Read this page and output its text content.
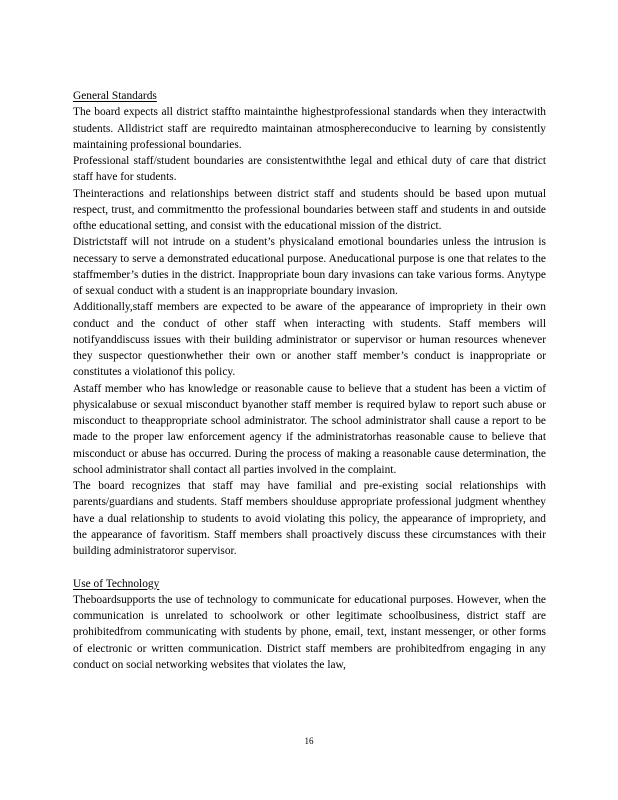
General Standards

The board expects all district staffto maintainthe highestprofessional standards when they interactwith students. Alldistrict staff are requiredto maintainan atmosphereconducive to learning by consistently maintaining professional boundaries.

Professional staff/student boundaries are consistentwiththe legal and ethical duty of care that district staff have for students.

Theinteractions and relationships between district staff and students should be based upon mutual respect, trust, and commitmentto the professional boundaries between staff and students in and outside ofthe educational setting, and consist with the educational mission of the district.

Districtstaff will not intrude on a student’s physicaland emotional boundaries unless the intrusion is necessary to serve a demonstrated educational purpose. Aneducational purpose is one that relates to the staffmember’s duties in the district. Inappropriate boun dary invasions can take various forms. Anytype of sexual conduct with a student is an inappropriate boundary invasion.

Additionally,staff members are expected to be aware of the appearance of impropriety in their own conduct and the conduct of other staff when interacting with students. Staff members will notifyanddiscuss issues with their building administrator or supervisor or human resources whenever they suspector questionwhether their own or another staff member’s conduct is inappropriate or constitutes a violationof this policy.

Astaff member who has knowledge or reasonable cause to believe that a student has been a victim of physicalabuse or sexual misconduct byanother staff member is required bylaw to report such abuse or misconduct to theappropriate school administrator. The school administrator shall cause a report to be made to the proper law enforcement agency if the administratorhas reasonable cause to believe that misconduct or abuse has occurred. During the process of making a reasonable cause determination, the school administrator shall contact all parties involved in the complaint.

The board recognizes that staff may have familial and pre-existing social relationships with parents/guardians and students. Staff members shoulduse appropriate professional judgment whenthey have a dual relationship to students to avoid violating this policy, the appearance of impropriety, and the appearance of favoritism. Staff members shall proactively discuss these circumstances with their building administratoror supervisor.

Use of Technology

Theboardsupports the use of technology to communicate for educational purposes. However, when the communication is unrelated to schoolwork or other legitimate schoolbusiness, district staff are prohibitedfrom communicating with students by phone, email, text, instant messenger, or other forms of electronic or written communication. District staff members are prohibitedfrom engaging in any conduct on social networking websites that violates the law,

16
